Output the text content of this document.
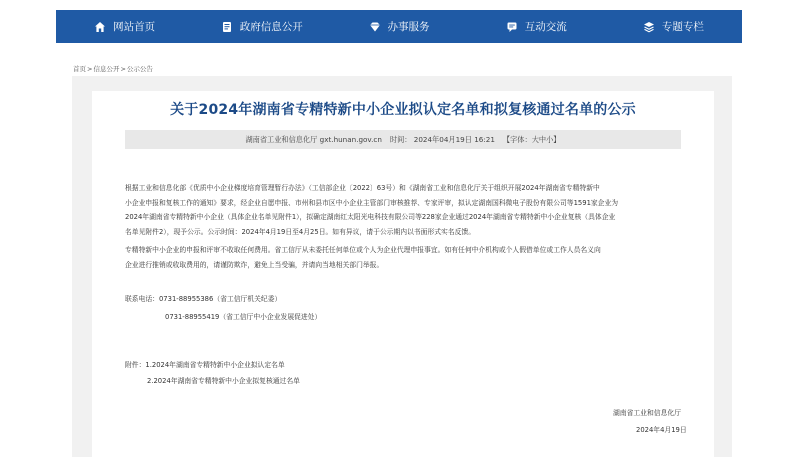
网站首页	政府信息公开	办事服务	互动交流	专题专栏
首页>信息公开>公示公告
关于2024年湖南省专精特新中小企业拟认定名单和拟复核通过名单的公示
湖南省工业和信息化厅 gxt.hunan.gov.cn 时间： 2024年04月19日 16:21 【字体： 大 中 小 】
根据工业和信息化部《优质中小企业梯度培育管理暂行办法》（工信部企业〔2022〕63号）和《湖南省工业和信息化厅关于组织开展2024年湖南省专精特新中
小企业申报和复核工作的通知》要求，经企业自愿申报、市州和县市区中小企业主管部门审核推荐、专家评审，拟认定湖南国科微电子股份有限公司等1591家企业为
2024年湖南省专精特新中小企业（具体企业名单见附件1），拟确定湖南红太阳光电科技有限公司等228家企业通过2024年湖南省专精特新中小企业复核（具体企业
名单见附件2），现予公示。公示时间：2024年4月19日至4月25日。如有异议，请于公示期内以书面形式实名反馈。
专精特新中小企业的申报和评审不收取任何费用。省工信厅从未委托任何单位或个人为企业代理申报事宜。如有任何中介机构或个人假借单位或工作人员名义向
企业进行推销或收取费用的，请谨防欺诈，避免上当受骗，并请向当地相关部门举报。
联系电话：0731-88955386（省工信厅机关纪委）
0731-88955419（省工信厅中小企业发展促进处）
附件：1.2024年湖南省专精特新中小企业拟认定名单
2.2024年湖南省专精特新中小企业拟复核通过名单
湖南省工业和信息化厅
2024年4月19日
